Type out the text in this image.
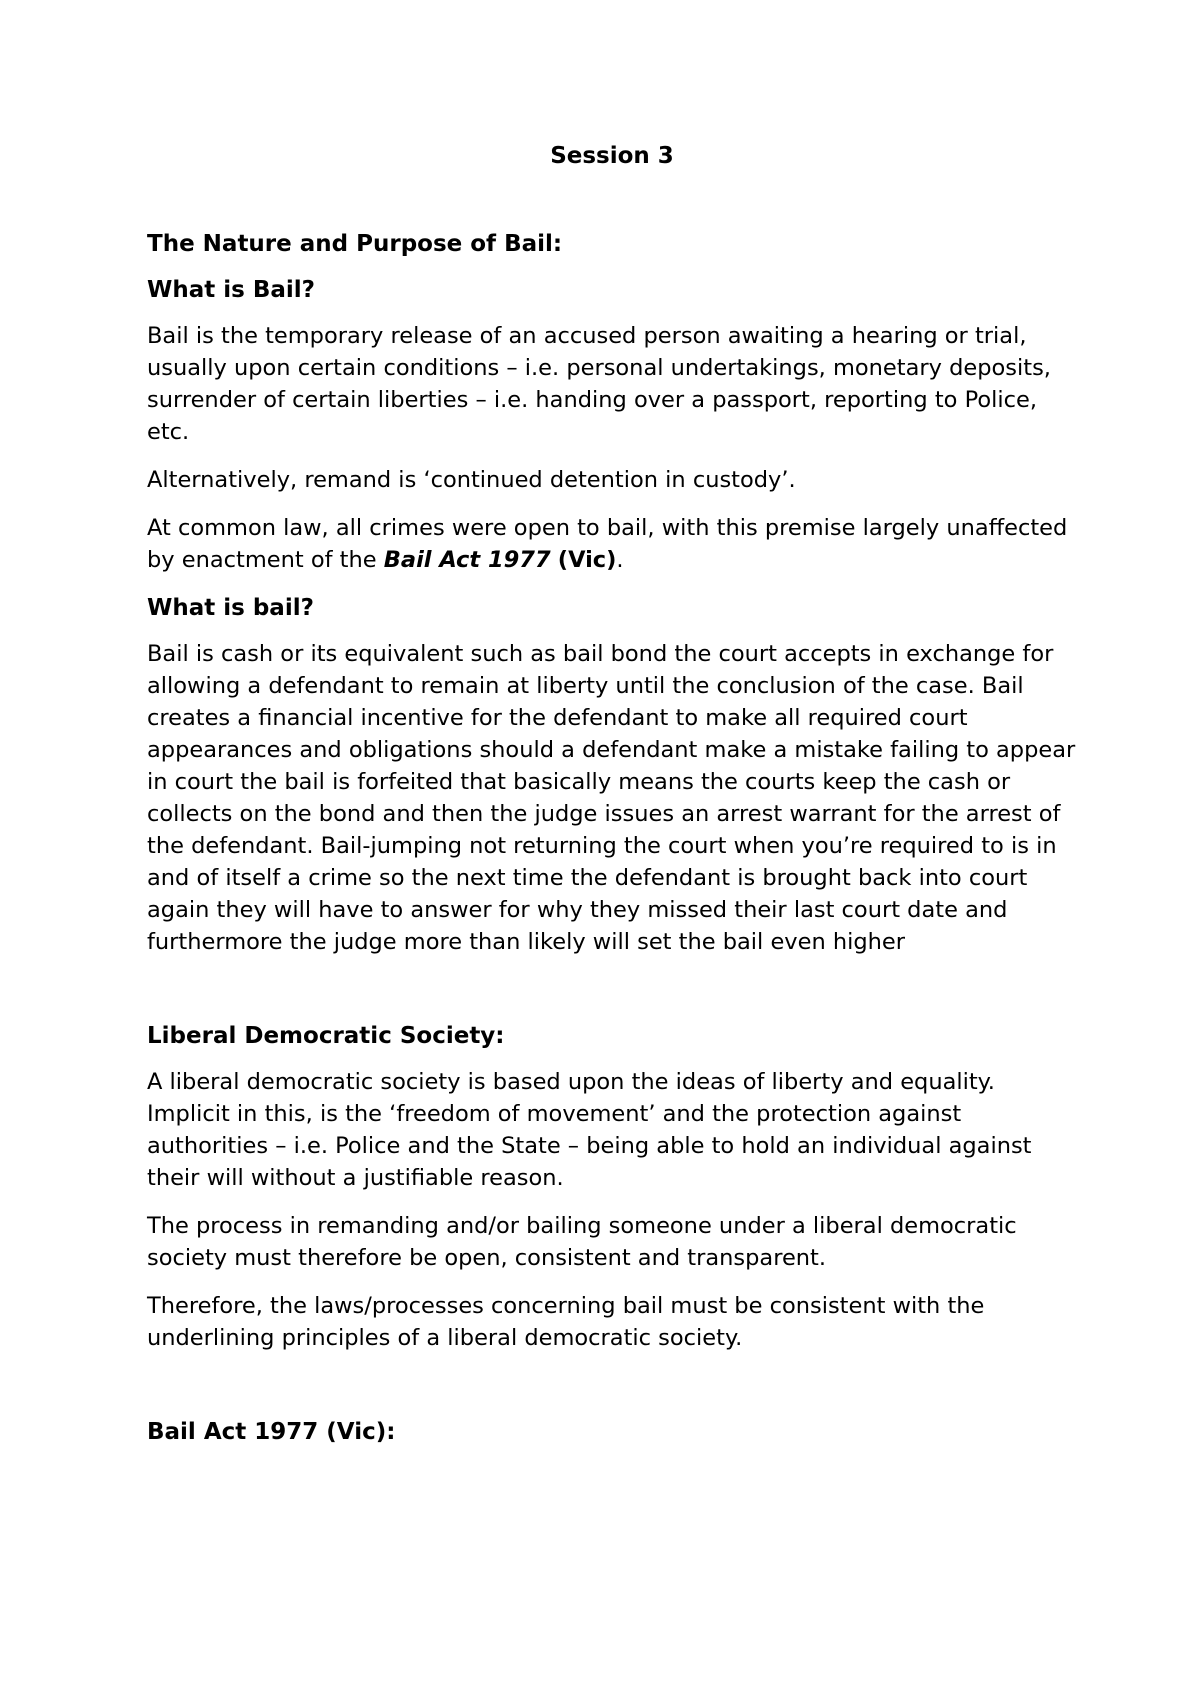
Session 3

The Nature and Purpose of Bail:

What is Bail?

Bail is the temporary release of an accused person awaiting a hearing or trial, usually upon certain conditions – i.e. personal undertakings, monetary deposits, surrender of certain liberties – i.e. handing over a passport, reporting to Police, etc.

Alternatively, remand is ‘continued detention in custody’.

At common law, all crimes were open to bail, with this premise largely unaffected by enactment of the Bail Act 1977 (Vic).

What is bail?

Bail is cash or its equivalent such as bail bond the court accepts in exchange for allowing a defendant to remain at liberty until the conclusion of the case. Bail creates a financial incentive for the defendant to make all required court appearances and obligations should a defendant make a mistake failing to appear in court the bail is forfeited that basically means the courts keep the cash or collects on the bond and then the judge issues an arrest warrant for the arrest of the defendant. Bail-jumping not returning the court when you’re required to is in and of itself a crime so the next time the defendant is brought back into court again they will have to answer for why they missed their last court date and furthermore the judge more than likely will set the bail even higher

Liberal Democratic Society:

A liberal democratic society is based upon the ideas of liberty and equality. Implicit in this, is the ‘freedom of movement’ and the protection against authorities – i.e. Police and the State – being able to hold an individual against their will without a justifiable reason.

The process in remanding and/or bailing someone under a liberal democratic society must therefore be open, consistent and transparent.

Therefore, the laws/processes concerning bail must be consistent with the underlining principles of a liberal democratic society.

Bail Act 1977 (Vic):
